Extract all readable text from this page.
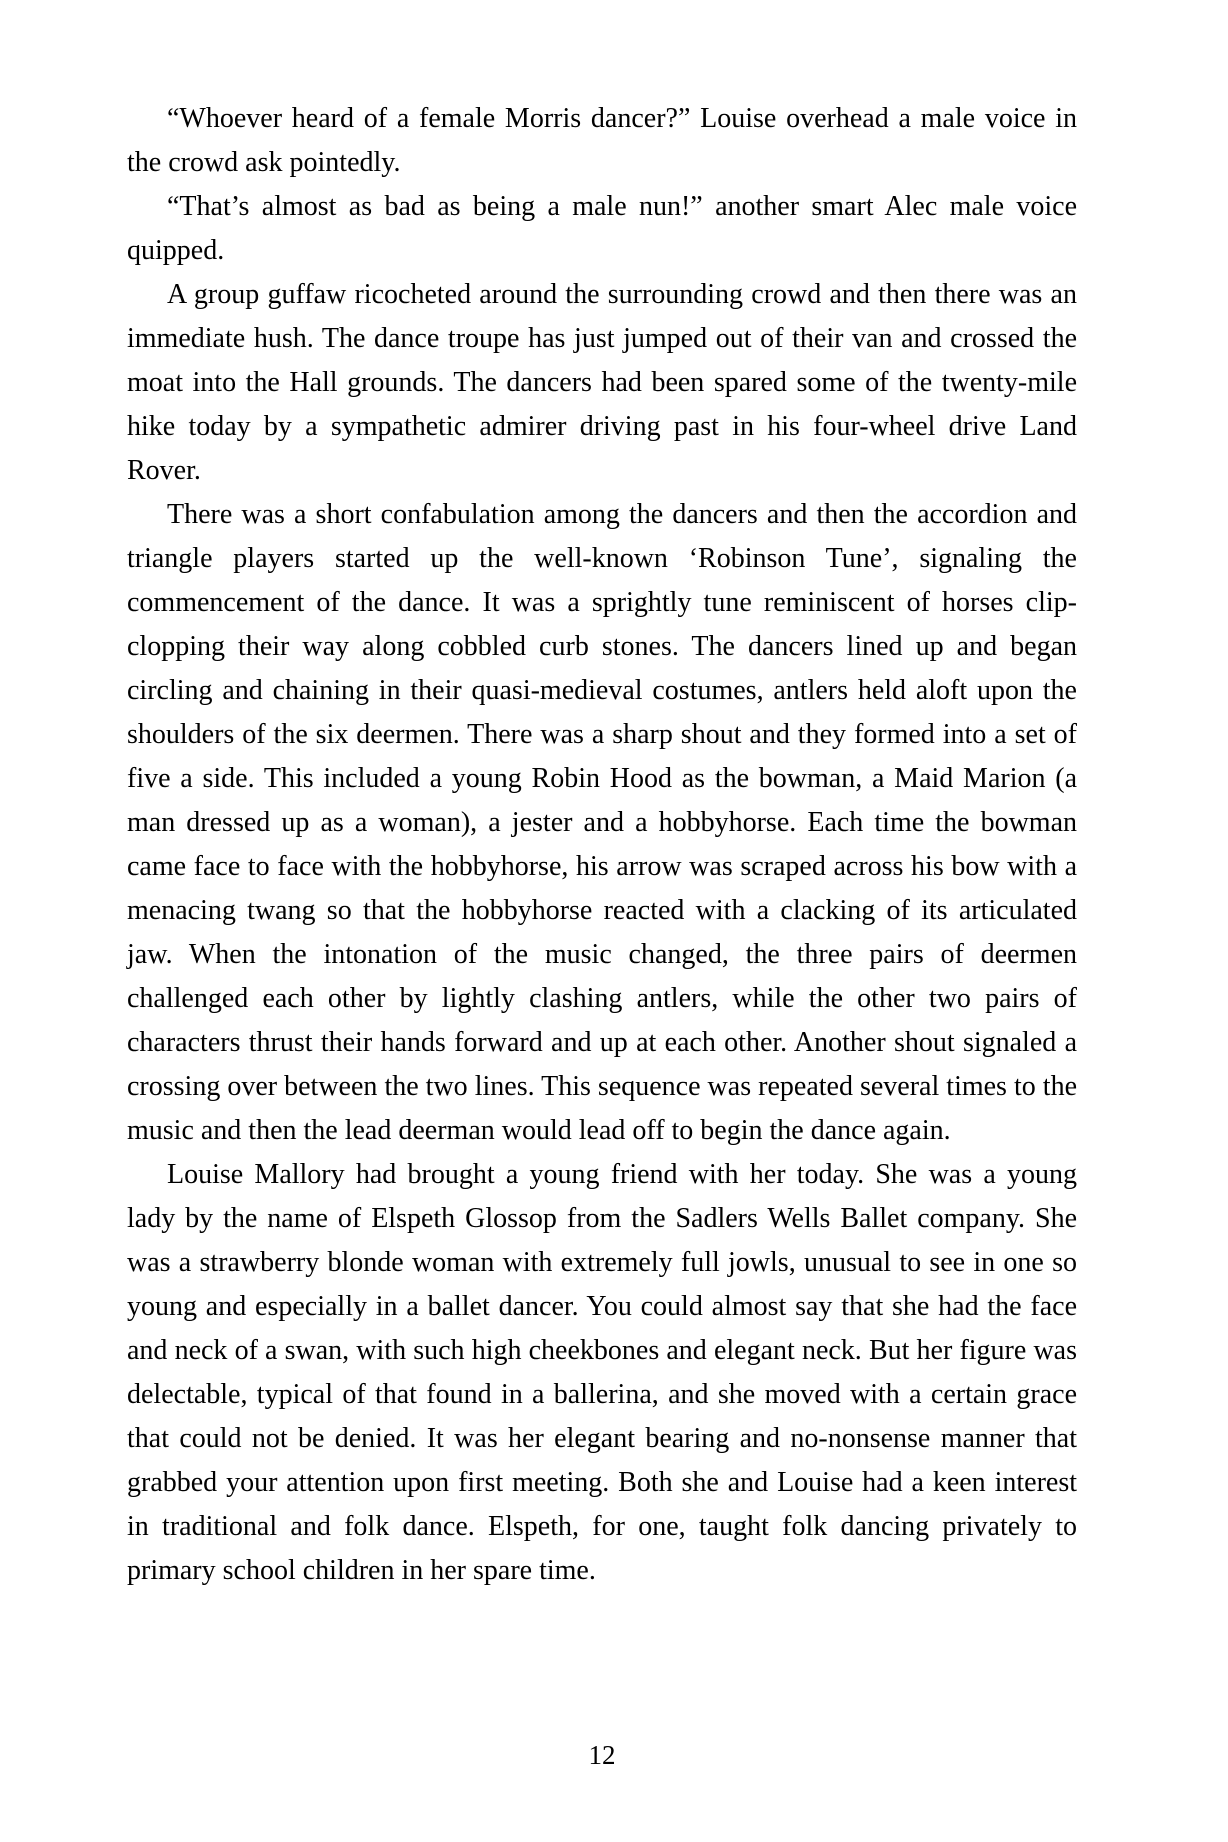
“Whoever heard of a female Morris dancer?” Louise overhead a male voice in the crowd ask pointedly.

“That’s almost as bad as being a male nun!” another smart Alec male voice quipped.

A group guffaw ricocheted around the surrounding crowd and then there was an immediate hush. The dance troupe has just jumped out of their van and crossed the moat into the Hall grounds. The dancers had been spared some of the twenty-mile hike today by a sympathetic admirer driving past in his four-wheel drive Land Rover.

There was a short confabulation among the dancers and then the accordion and triangle players started up the well-known ‘Robinson Tune’, signaling the commencement of the dance. It was a sprightly tune reminiscent of horses clip-clopping their way along cobbled curb stones. The dancers lined up and began circling and chaining in their quasi-medieval costumes, antlers held aloft upon the shoulders of the six deermen. There was a sharp shout and they formed into a set of five a side. This included a young Robin Hood as the bowman, a Maid Marion (a man dressed up as a woman), a jester and a hobbyhorse. Each time the bowman came face to face with the hobbyhorse, his arrow was scraped across his bow with a menacing twang so that the hobbyhorse reacted with a clacking of its articulated jaw. When the intonation of the music changed, the three pairs of deermen challenged each other by lightly clashing antlers, while the other two pairs of characters thrust their hands forward and up at each other. Another shout signaled a crossing over between the two lines. This sequence was repeated several times to the music and then the lead deerman would lead off to begin the dance again.

Louise Mallory had brought a young friend with her today. She was a young lady by the name of Elspeth Glossop from the Sadlers Wells Ballet company. She was a strawberry blonde woman with extremely full jowls, unusual to see in one so young and especially in a ballet dancer. You could almost say that she had the face and neck of a swan, with such high cheekbones and elegant neck. But her figure was delectable, typical of that found in a ballerina, and she moved with a certain grace that could not be denied. It was her elegant bearing and no-nonsense manner that grabbed your attention upon first meeting. Both she and Louise had a keen interest in traditional and folk dance. Elspeth, for one, taught folk dancing privately to primary school children in her spare time.

12
